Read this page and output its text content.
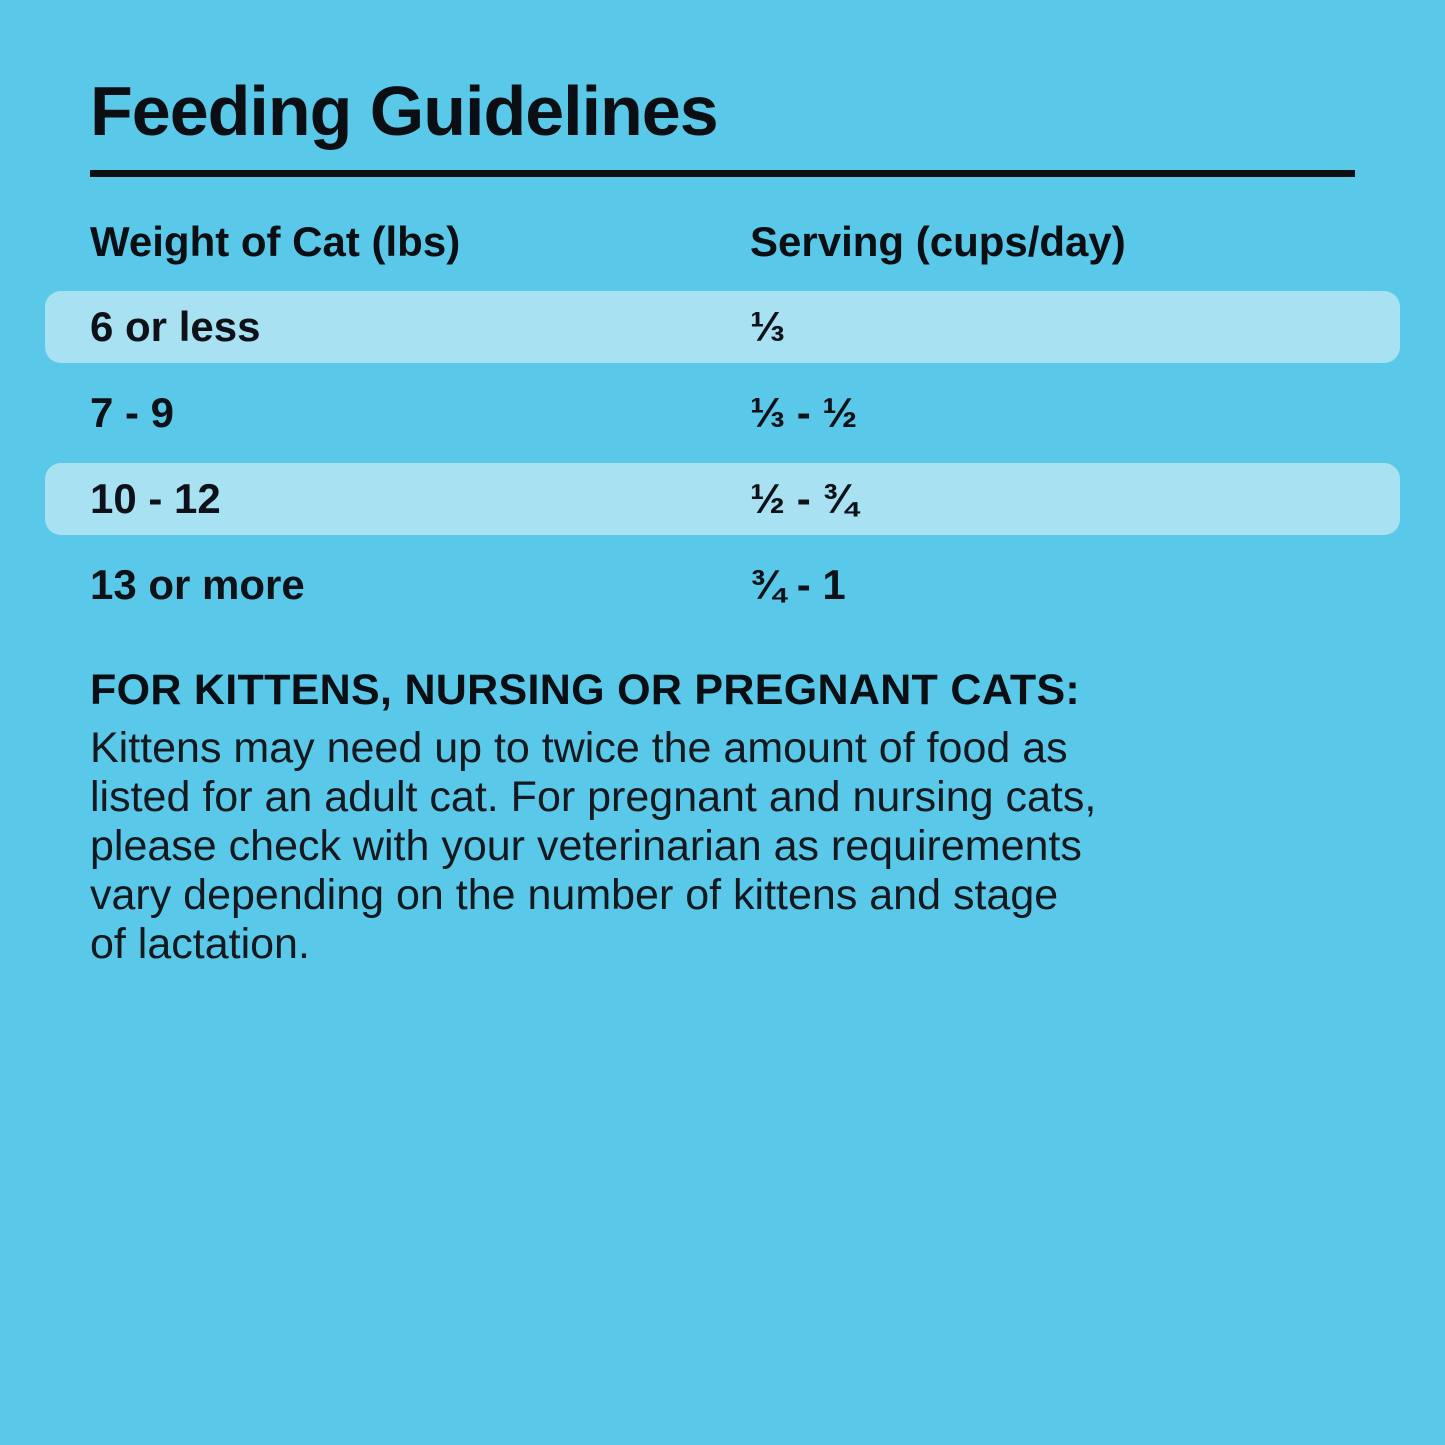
Feeding Guidelines
Weight of Cat (lbs)	Serving (cups/day)
6 or less	⅓
7 - 9	⅓ - ½
10 - 12	½ - ¾
13 or more	¾ - 1
FOR KITTENS, NURSING OR PREGNANT CATS:
Kittens may need up to twice the amount of food as
listed for an adult cat. For pregnant and nursing cats,
please check with your veterinarian as requirements
vary depending on the number of kittens and stage
of lactation.
